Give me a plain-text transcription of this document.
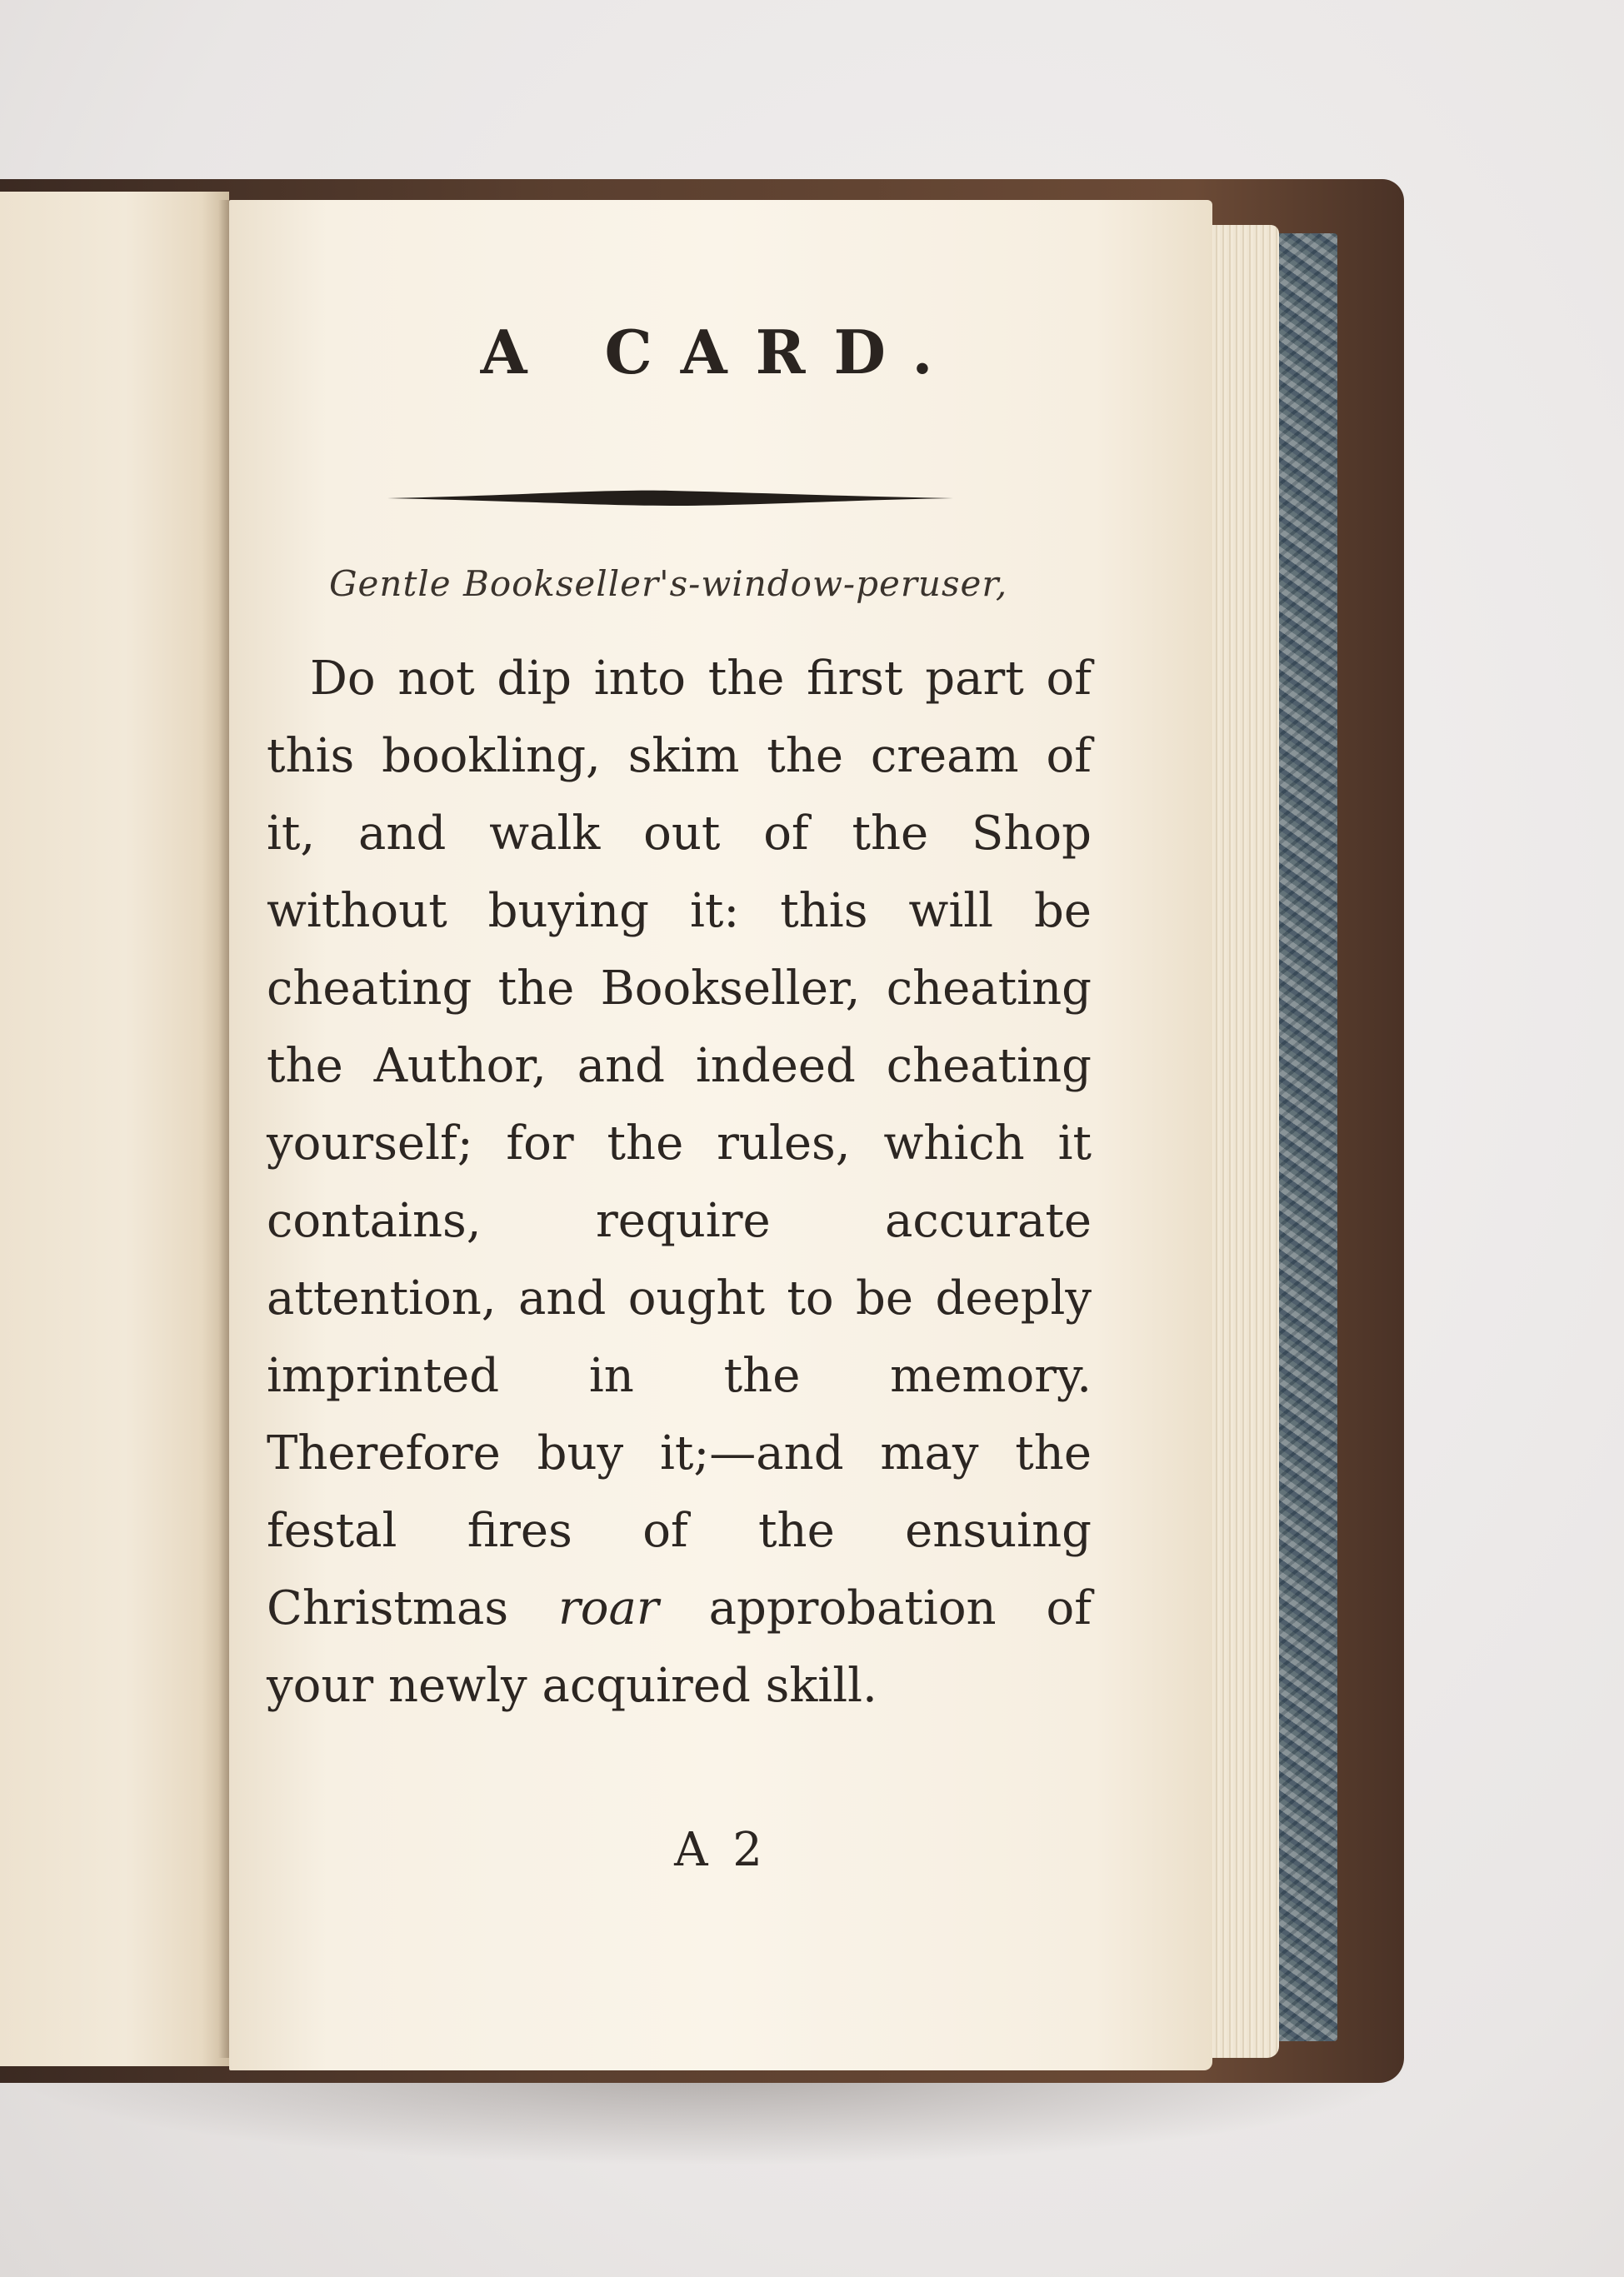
A CARD.
Gentle Bookseller's-window-peruser,

Do not dip into the first part of this bookling, skim the cream of it, and walk out of the Shop without buying it: this will be cheating the Bookseller, cheating the Author, and indeed cheating yourself; for the rules, which it contains, require accurate attention, and ought to be deeply imprinted in the memory. Therefore buy it;—and may the festal fires of the ensuing Christmas roar approbation of your newly acquired skill.

A 2
